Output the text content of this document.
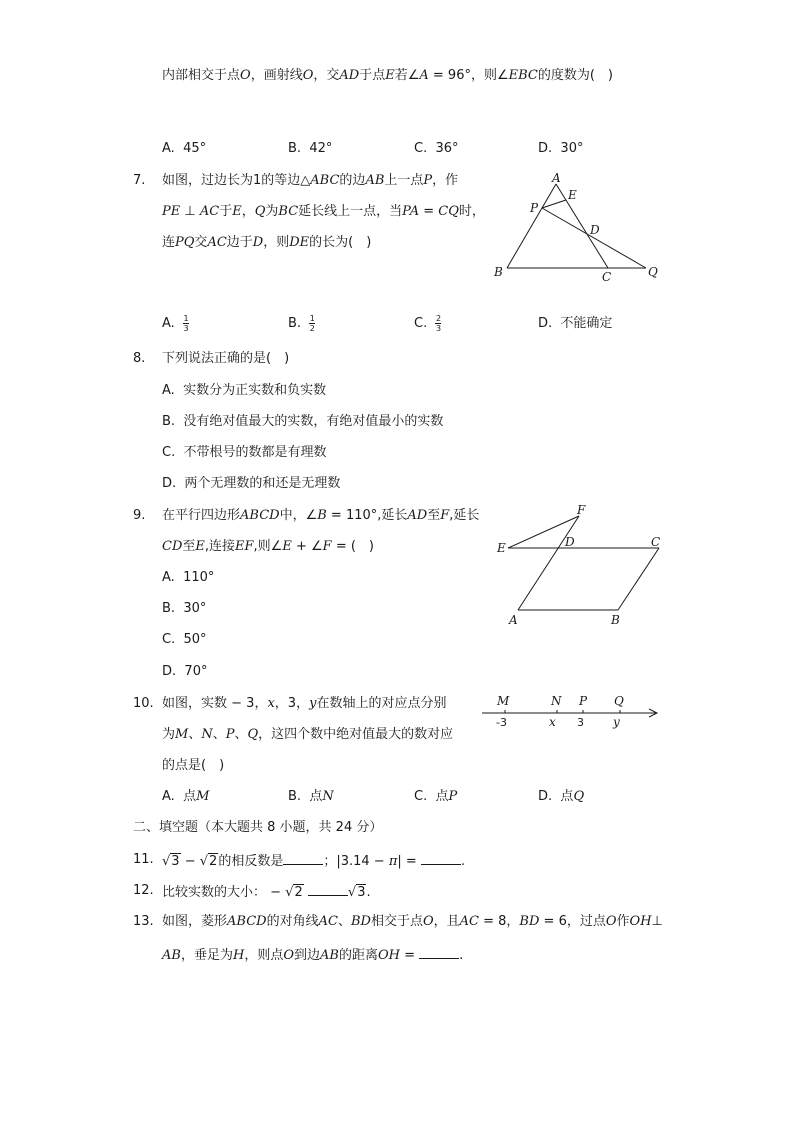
内部相交于点O，画射线O，交AD于点E若∠A = 96°，则∠EBC的度数为(　)
A. 45°	B. 42°	C. 36°	D. 30°
7. 如图，过边长为1的等边△ABC的边AB上一点P，作
PE ⊥ AC于E，Q为BC延长线上一点，当PA = CQ时，
连PQ交AC边于D，则DE的长为(　)
A
E
P
D
B	C	Q
A. $\frac{1}{3}$	B. $\frac{1}{2}$	C. $\frac{2}{3}$	D. 不能确定
8. 下列说法正确的是(　)
A. 实数分为正实数和负实数
B. 没有绝对值最大的实数，有绝对值最小的实数
C. 不带根号的数都是有理数
D. 两个无理数的和还是无理数
9. 在平行四边形ABCD中，∠B = 110°,延长AD至F,延长
CD至E,连接EF,则∠E + ∠F = (　)
A. 110°
B. 30°
C. 50°
D. 70°
F
E	D	C
A	B
10. 如图，实数 − 3，x，3，y在数轴上的对应点分别
为M、N、P、Q，这四个数中绝对值最大的数对应
的点是(　)
M	N P Q
-3	x 3 y
A. 点M	B. 点N	C. 点P	D. 点Q
二、填空题（本大题共 8 小题，共 24 分）
11. √3 − √2的相反数是	；|3.14 − π| =	.
12. 比较实数的大小： − √2	√3.
13. 如图，菱形ABCD的对角线AC、BD相交于点O，且AC = 8，BD = 6，过点O作OH⊥
AB，垂足为H，则点O到边AB的距离OH =	.
